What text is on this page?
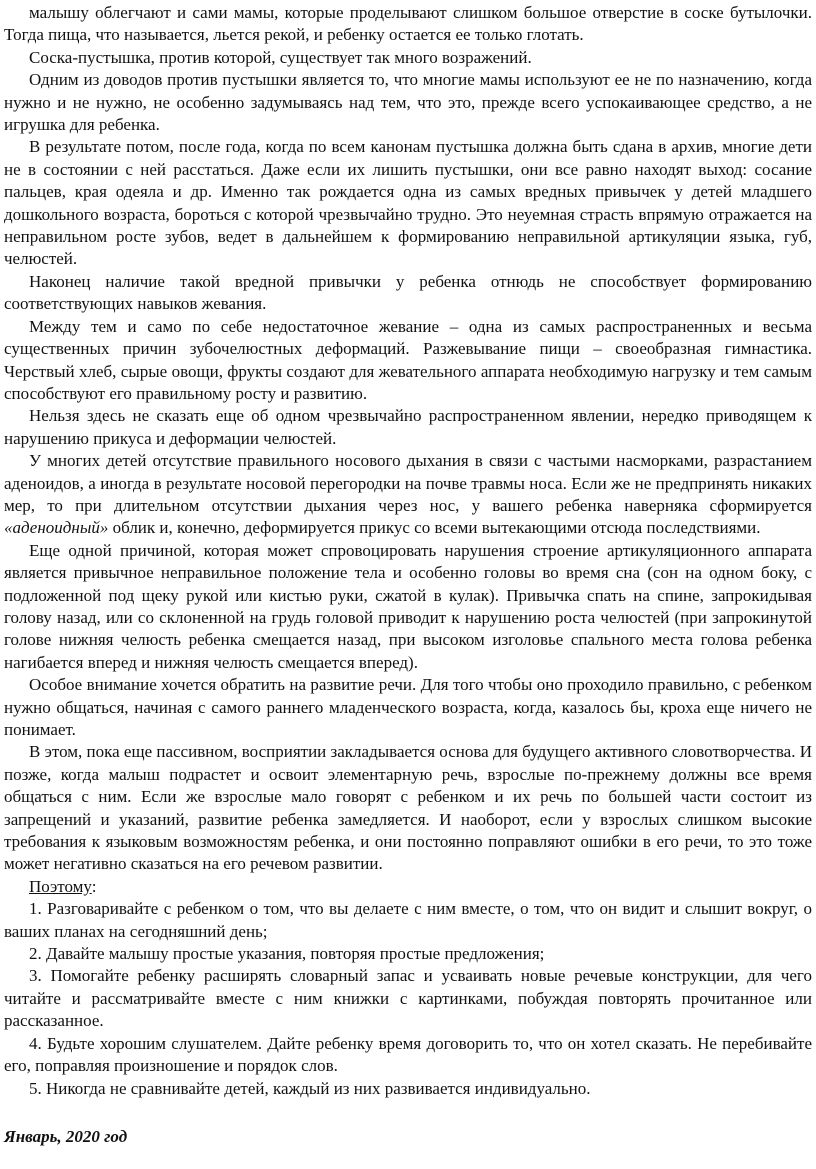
малышу облегчают и сами мамы, которые проделывают слишком большое отверстие в соске бутылочки. Тогда пища, что называется, льется рекой, и ребенку остается ее только глотать.

Соска-пустышка, против которой, существует так много возражений.

Одним из доводов против пустышки является то, что многие мамы используют ее не по назначению, когда нужно и не нужно, не особенно задумываясь над тем, что это, прежде всего успокаивающее средство, а не игрушка для ребенка.

В результате потом, после года, когда по всем канонам пустышка должна быть сдана в архив, многие дети не в состоянии с ней расстаться. Даже если их лишить пустышки, они все равно находят выход: сосание пальцев, края одеяла и др. Именно так рождается одна из самых вредных привычек у детей младшего дошкольного возраста, бороться с которой чрезвычайно трудно. Это неуемная страсть впрямую отражается на неправильном росте зубов, ведет в дальнейшем к формированию неправильной артикуляции языка, губ, челюстей.

Наконец наличие такой вредной привычки у ребенка отнюдь не способствует формированию соответствующих навыков жевания.

Между тем и само по себе недостаточное жевание – одна из самых распространенных и весьма существенных причин зубочелюстных деформаций. Разжевывание пищи – своеобразная гимнастика. Черствый хлеб, сырые овощи, фрукты создают для жевательного аппарата необходимую нагрузку и тем самым способствуют его правильному росту и развитию.

Нельзя здесь не сказать еще об одном чрезвычайно распространенном явлении, нередко приводящем к нарушению прикуса и деформации челюстей.

У многих детей отсутствие правильного носового дыхания в связи с частыми насморками, разрастанием аденоидов, а иногда в результате носовой перегородки на почве травмы носа. Если же не предпринять никаких мер, то при длительном отсутствии дыхания через нос, у вашего ребенка наверняка сформируется «аденоидный» облик и, конечно, деформируется прикус со всеми вытекающими отсюда последствиями.

Еще одной причиной, которая может спровоцировать нарушения строение артикуляционного аппарата является привычное неправильное положение тела и особенно головы во время сна (сон на одном боку, с подложенной под щеку рукой или кистью руки, сжатой в кулак). Привычка спать на спине, запрокидывая голову назад, или со склоненной на грудь головой приводит к нарушению роста челюстей (при запрокинутой голове нижняя челюсть ребенка смещается назад, при высоком изголовье спального места голова ребенка нагибается вперед и нижняя челюсть смещается вперед).

Особое внимание хочется обратить на развитие речи. Для того чтобы оно проходило правильно, с ребенком нужно общаться, начиная с самого раннего младенческого возраста, когда, казалось бы, кроха еще ничего не понимает.

В этом, пока еще пассивном, восприятии закладывается основа для будущего активного словотворчества. И позже, когда малыш подрастет и освоит элементарную речь, взрослые по-прежнему должны все время общаться с ним. Если же взрослые мало говорят с ребенком и их речь по большей части состоит из запрещений и указаний, развитие ребенка замедляется. И наоборот, если у взрослых слишком высокие требования к языковым возможностям ребенка, и они постоянно поправляют ошибки в его речи, то это тоже может негативно сказаться на его речевом развитии.

Поэтому:

1. Разговаривайте с ребенком о том, что вы делаете с ним вместе, о том, что он видит и слышит вокруг, о ваших планах на сегодняшний день;

2. Давайте малышу простые указания, повторяя простые предложения;

3. Помогайте ребенку расширять словарный запас и усваивать новые речевые конструкции, для чего читайте и рассматривайте вместе с ним книжки с картинками, побуждая повторять прочитанное или рассказанное.

4. Будьте хорошим слушателем. Дайте ребенку время договорить то, что он хотел сказать. Не перебивайте его, поправляя произношение и порядок слов.

5. Никогда не сравнивайте детей, каждый из них развивается индивидуально.

Январь, 2020 год
